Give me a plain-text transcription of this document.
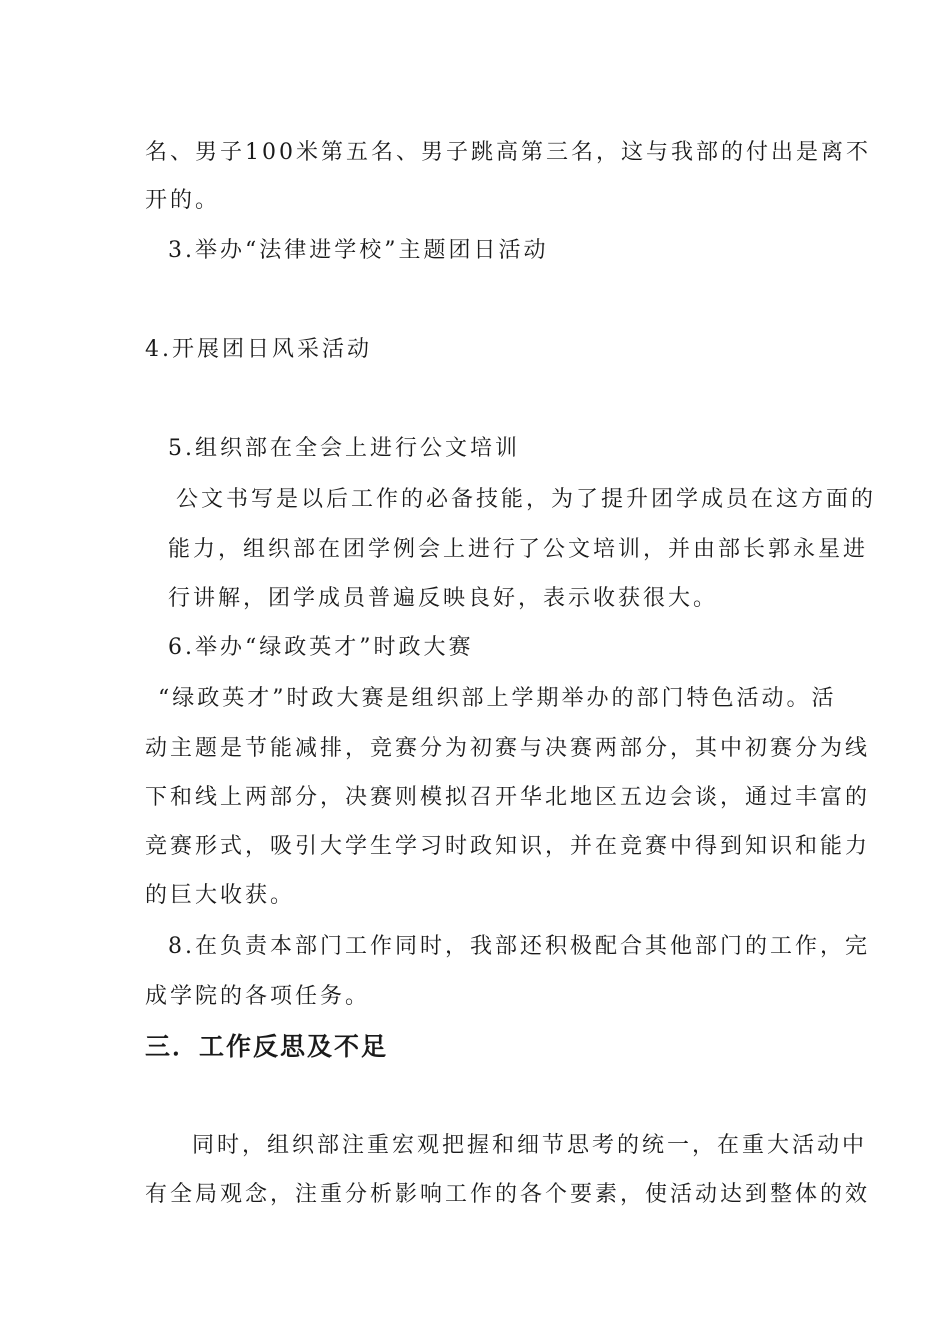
名、男子100米第五名、男子跳高第三名，这与我部的付出是离不
开的。
3.举办“法律进学校”主题团日活动
4.开展团日风采活动
5.组织部在全会上进行公文培训
公文书写是以后工作的必备技能，为了提升团学成员在这方面的
能力，组织部在团学例会上进行了公文培训，并由部长郭永星进
行讲解，团学成员普遍反映良好，表示收获很大。
6.举办“绿政英才”时政大赛
“绿政英才”时政大赛是组织部上学期举办的部门特色活动。活
动主题是节能减排，竞赛分为初赛与决赛两部分，其中初赛分为线
下和线上两部分，决赛则模拟召开华北地区五边会谈，通过丰富的
竞赛形式，吸引大学生学习时政知识，并在竞赛中得到知识和能力
的巨大收获。
8.在负责本部门工作同时，我部还积极配合其他部门的工作，完
成学院的各项任务。
三．工作反思及不足
同时，组织部注重宏观把握和细节思考的统一，在重大活动中
有全局观念，注重分析影响工作的各个要素，使活动达到整体的效
